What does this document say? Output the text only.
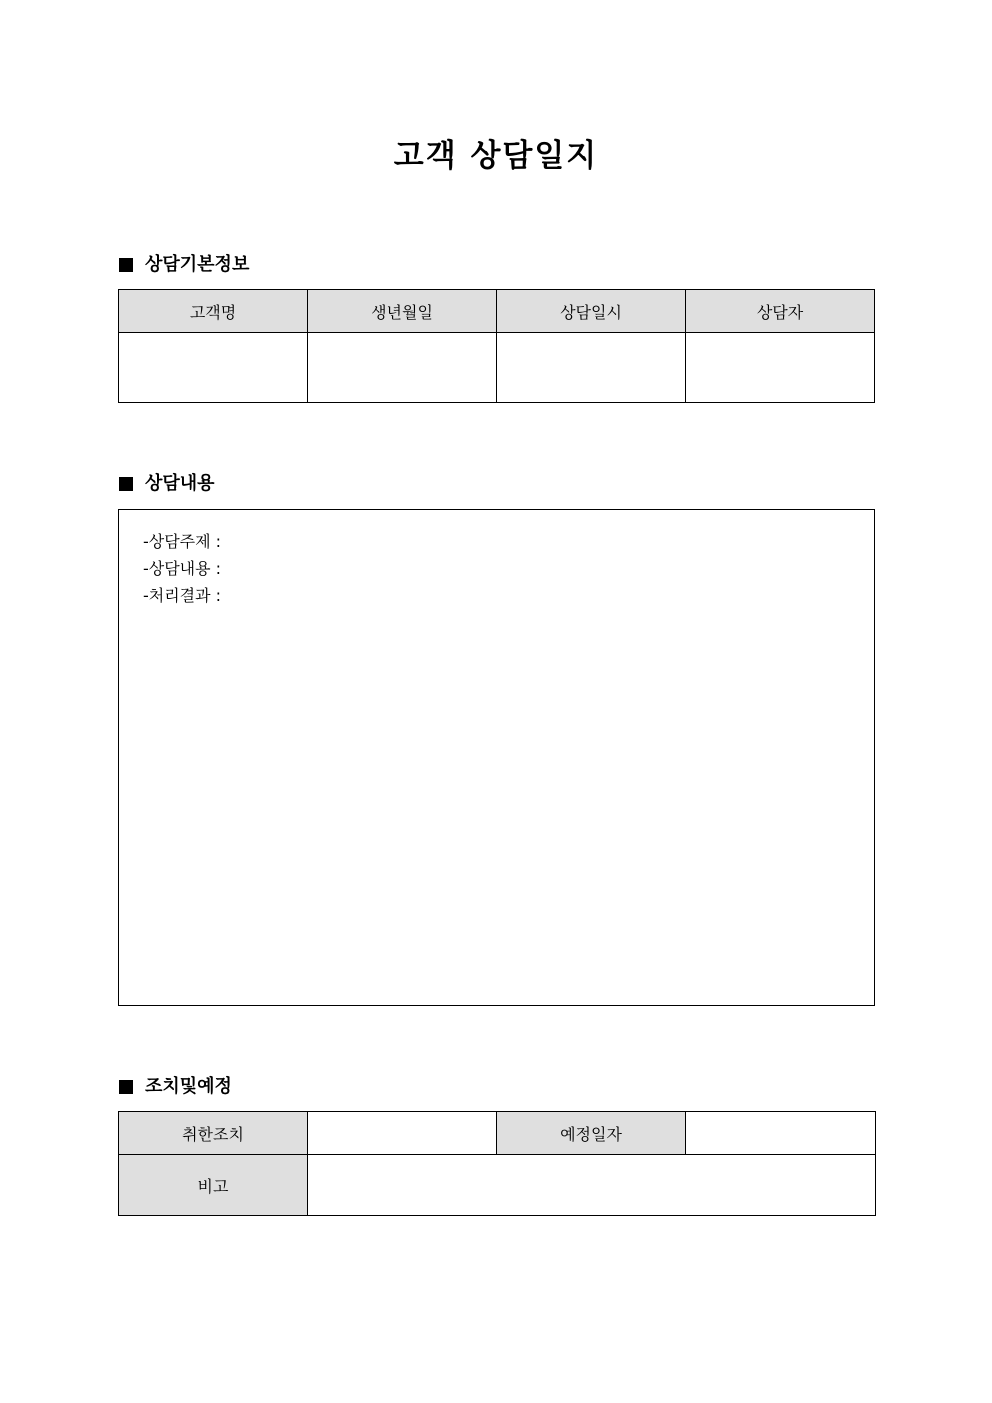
고객 상담일지
상담기본정보
고객명	생년월일	상담일시	상담자

상담내용
-상담주제 :
-상담내용 :
-처리결과 :
조치및예정
취한조치		예정일자	
비고			
